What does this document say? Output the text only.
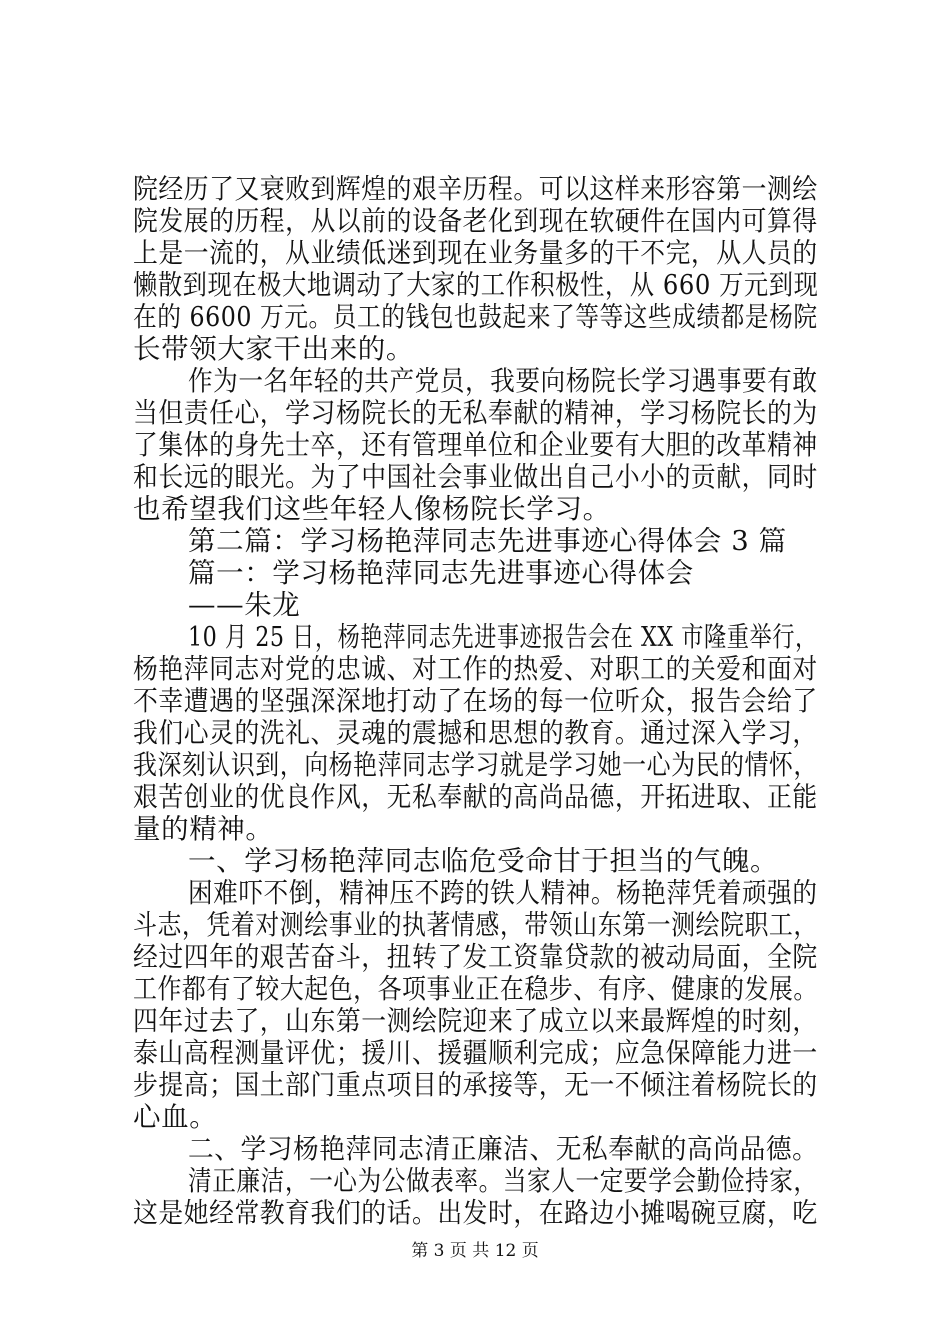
院经历了又衰败到辉煌的艰辛历程。可以这样来形容第一测绘
院发展的历程，从以前的设备老化到现在软硬件在国内可算得
上是一流的，从业绩低迷到现在业务量多的干不完，从人员的
懒散到现在极大地调动了大家的工作积极性，从 660 万元到现
在的 6600 万元。员工的钱包也鼓起来了等等这些成绩都是杨院
长带领大家干出来的。
作为一名年轻的共产党员，我要向杨院长学习遇事要有敢
当但责任心，学习杨院长的无私奉献的精神，学习杨院长的为
了集体的身先士卒，还有管理单位和企业要有大胆的改革精神
和长远的眼光。为了中国社会事业做出自己小小的贡献，同时
也希望我们这些年轻人像杨院长学习。
第二篇：学习杨艳萍同志先进事迹心得体会 3 篇
篇一：学习杨艳萍同志先进事迹心得体会
——朱龙
10 月 25 日，杨艳萍同志先进事迹报告会在 XX 市隆重举行，
杨艳萍同志对党的忠诚、对工作的热爱、对职工的关爱和面对
不幸遭遇的坚强深深地打动了在场的每一位听众，报告会给了
我们心灵的洗礼、灵魂的震撼和思想的教育。通过深入学习，
我深刻认识到，向杨艳萍同志学习就是学习她一心为民的情怀，
艰苦创业的优良作风，无私奉献的高尚品德，开拓进取、正能
量的精神。
一、学习杨艳萍同志临危受命甘于担当的气魄。
困难吓不倒，精神压不跨的铁人精神。杨艳萍凭着顽强的
斗志，凭着对测绘事业的执著情感，带领山东第一测绘院职工，
经过四年的艰苦奋斗，扭转了发工资靠贷款的被动局面，全院
工作都有了较大起色，各项事业正在稳步、有序、健康的发展。
四年过去了，山东第一测绘院迎来了成立以来最辉煌的时刻，
泰山高程测量评优；援川、援疆顺利完成；应急保障能力进一
步提高；国土部门重点项目的承接等，无一不倾注着杨院长的
心血。
二、学习杨艳萍同志清正廉洁、无私奉献的高尚品德。
清正廉洁，一心为公做表率。当家人一定要学会勤俭持家，
这是她经常教育我们的话。出发时，在路边小摊喝碗豆腐，吃
第 3 页 共 12 页
